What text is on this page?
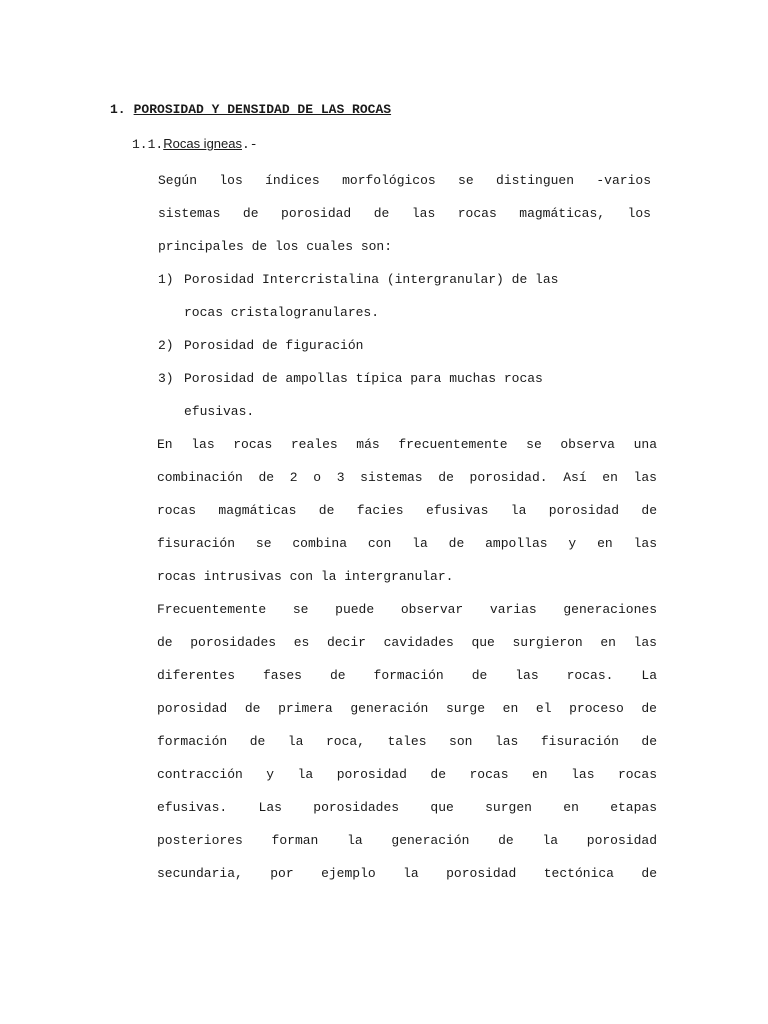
1. POROSIDAD Y DENSIDAD DE LAS ROCAS
1.1.Rocas igneas.-
Según los índices morfológicos se distinguen -varios
sistemas de porosidad de las rocas magmáticas, los
principales de los cuales son:
1) Porosidad Intercristalina (intergranular) de las
rocas cristalogranulares.
2) Porosidad de figuración
3) Porosidad de ampollas típica para muchas rocas
efusivas.
En las rocas reales más frecuentemente se observa una
combinación de 2 o 3 sistemas de porosidad. Así en las
rocas magmáticas de facies efusivas la porosidad de
fisuración se combina con la de ampollas y en las
rocas intrusivas con la intergranular.
Frecuentemente se puede observar varias generaciones
de porosidades es decir cavidades que surgieron en las
diferentes fases de formación de las rocas. La
porosidad de primera generación surge en el proceso de
formación de la roca, tales son las fisuración de
contracción y la porosidad de rocas en las rocas
efusivas. Las porosidades que surgen en etapas
posteriores forman la generación de la porosidad
secundaria, por ejemplo la porosidad tectónica de
